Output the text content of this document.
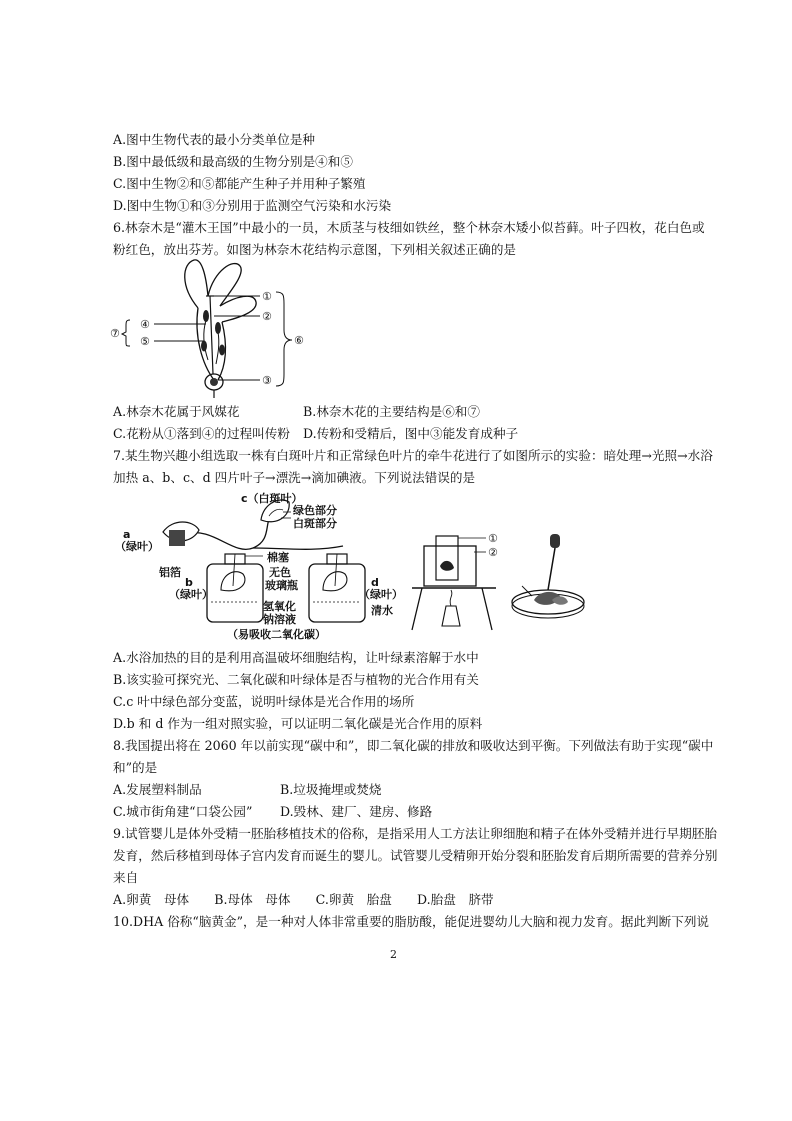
A.图中生物代表的最小分类单位是种
B.图中最低级和最高级的生物分别是④和⑤
C.图中生物②和⑤都能产生种子并用种子繁殖
D.图中生物①和③分别用于监测空气污染和水污染
6.林奈木是“灌木王国”中最小的一员，木质茎与枝细如铁丝，整个林奈木矮小似苔藓。叶子四枚，花白色或
粉红色，放出芬芳。如图为林奈木花结构示意图，下列相关叙述正确的是
①
②
③
④
⑤	⑥
⑦
A.林奈木花属于风媒花	B.林奈木花的主要结构是⑥和⑦
C.花粉从①落到④的过程叫传粉 D.传粉和受精后，图中③能发育成种子
7.某生物兴趣小组选取一株有白斑叶片和正常绿色叶片的牵牛花进行了如图所示的实验：暗处理→光照→水浴
加热 a、b、c、d 四片叶子→漂洗→滴加碘液。下列说法错误的是
c（白斑叶）
绿色部分
白斑部分
a
（绿叶）
铝箔
棉塞
无色
玻璃瓶
b
（绿叶）
氢氧化
钠溶液
d
（绿叶）
清水
（易吸收二氧化碳）
①
②
A.水浴加热的目的是利用高温破坏细胞结构，让叶绿素溶解于水中
B.该实验可探究光、二氧化碳和叶绿体是否与植物的光合作用有关
C.c 叶中绿色部分变蓝，说明叶绿体是光合作用的场所
D.b 和 d 作为一组对照实验，可以证明二氧化碳是光合作用的原料
8.我国提出将在 2060 年以前实现“碳中和”，即二氧化碳的排放和吸收达到平衡。下列做法有助于实现“碳中
和”的是
A.发展塑料制品	B.垃圾掩埋或焚烧
C.城市街角建“口袋公园” D.毁林、建厂、建房、修路
9.试管婴儿是体外受精一胚胎移植技术的俗称，是指采用人工方法让卵细胞和精子在体外受精并进行早期胚胎
发育，然后移植到母体子宫内发育而诞生的婴儿。试管婴儿受精卵开始分裂和胚胎发育后期所需要的营养分别
来自
A.卵黄　母体　　B.母体　母体　　C.卵黄　胎盘　　D.胎盘　脐带
10.DHA 俗称“脑黄金”，是一种对人体非常重要的脂肪酸，能促进婴幼儿大脑和视力发育。据此判断下列说
2
